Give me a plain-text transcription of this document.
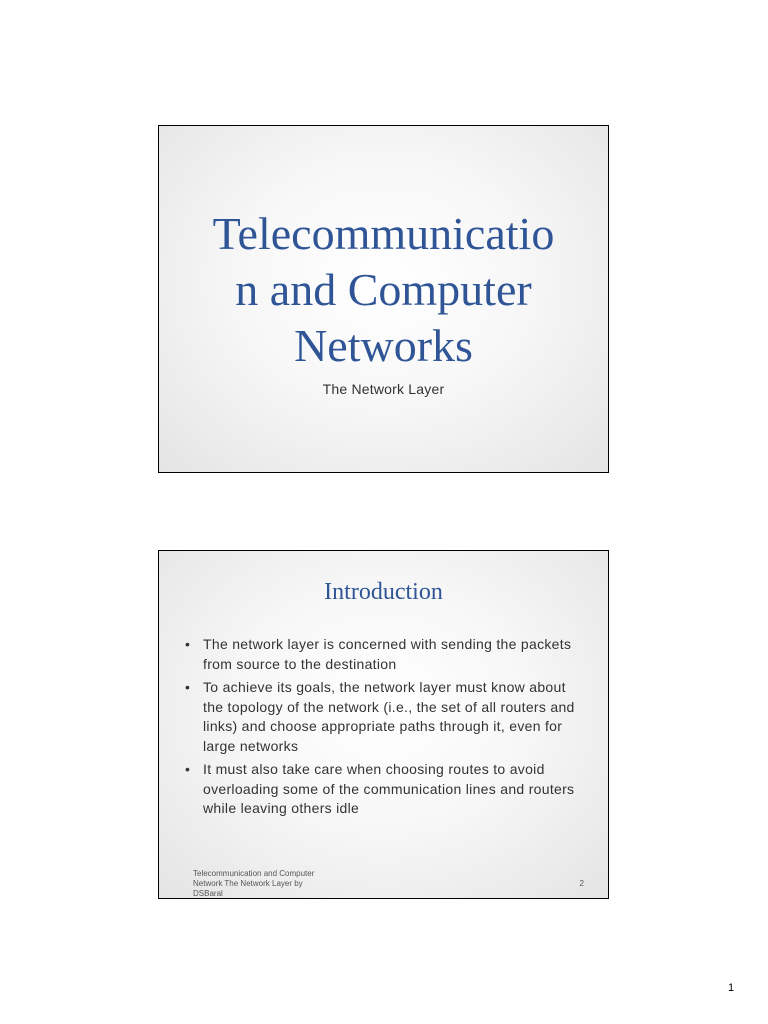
Telecommunicatio
n and Computer
Networks
The Network Layer
Introduction
• The network layer is concerned with sending the packets from source to the destination
• To achieve its goals, the network layer must know about the topology of the network (i.e., the set of all routers and links) and choose appropriate paths through it, even for large networks
• It must also take care when choosing routes to avoid overloading some of the communication lines and routers while leaving others idle
Telecommunication and Computer
Network The Network Layer by
DSBaral
2
1
